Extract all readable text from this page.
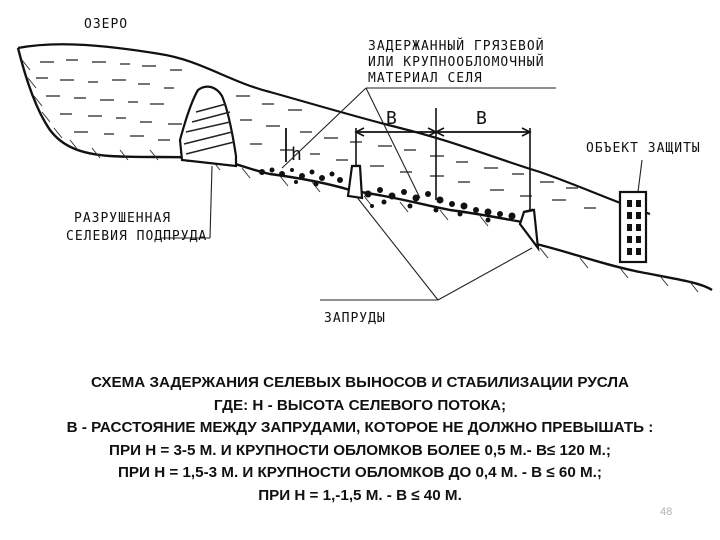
h
B	B
ОЗЕРО
ЗАДЕРЖАННЫЙ ГРЯЗЕВОЙ
ИЛИ КРУПНООБЛОМОЧНЫЙ
МАТЕРИАЛ СЕЛЯ
ОБЪЕКТ ЗАЩИТЫ
РАЗРУШЕННАЯ
СЕЛЕВИЯ ПОДПРУДА
ЗАПРУДЫ
СХЕМА ЗАДЕРЖАНИЯ СЕЛЕВЫХ ВЫНОСОВ И СТАБИЛИЗАЦИИ РУСЛА
ГДЕ: Н - ВЫСОТА СЕЛЕВОГО ПОТОКА;
В - РАССТОЯНИЕ МЕЖДУ ЗАПРУДАМИ, КОТОРОЕ НЕ ДОЛЖНО ПРЕВЫШАТЬ :
ПРИ Н = 3-5 М. И КРУПНОСТИ ОБЛОМКОВ БОЛЕЕ 0,5 М.- В≤ 120 М.;
ПРИ Н = 1,5-3 М. И КРУПНОСТИ ОБЛОМКОВ ДО 0,4 М. - В ≤ 60 М.;
ПРИ Н = 1,-1,5 М. - В ≤ 40 М.
48
